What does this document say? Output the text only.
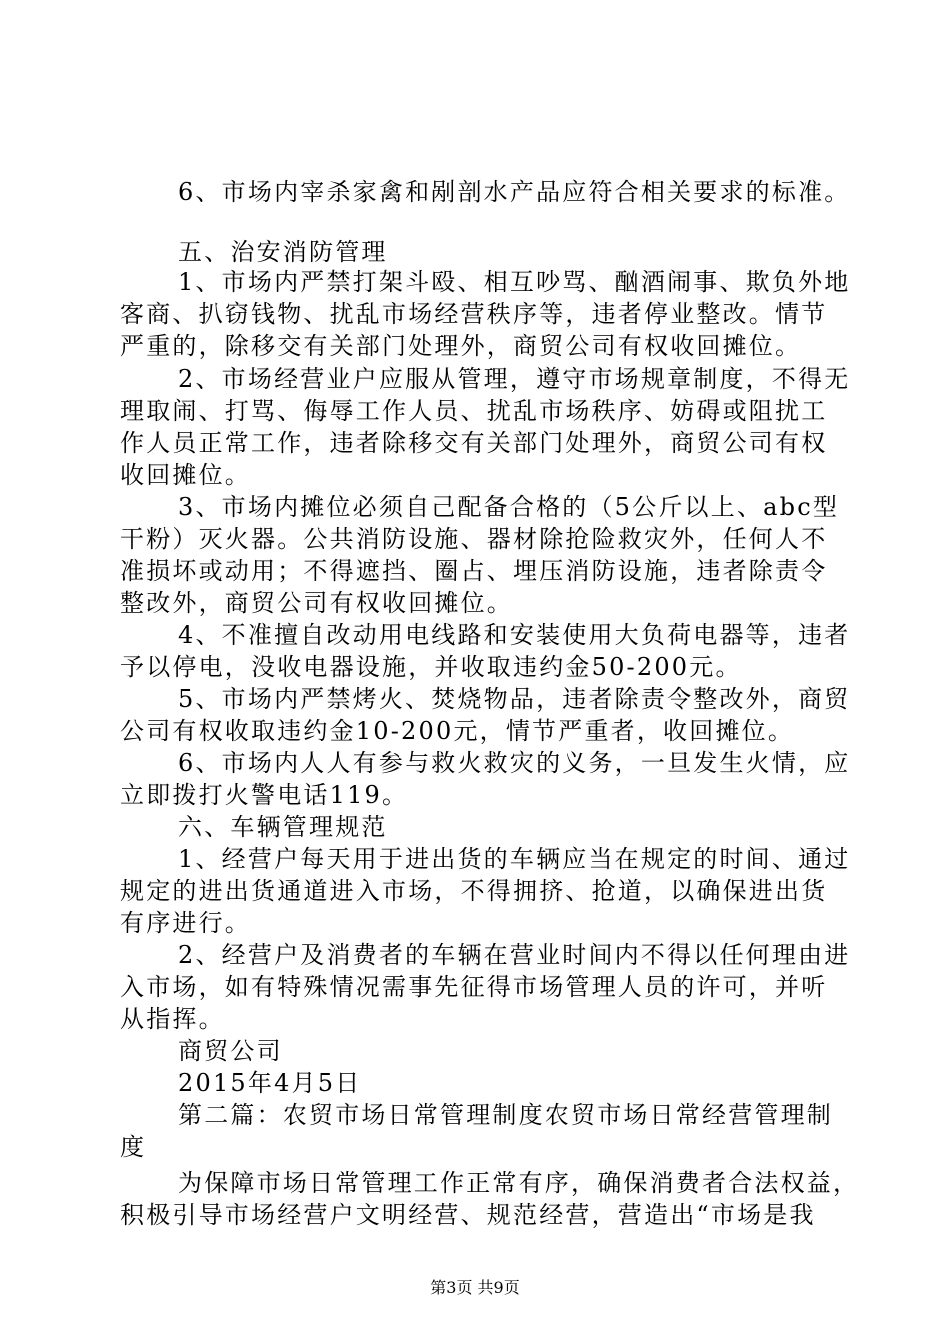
6、市场内宰杀家禽和剐剖水产品应符合相关要求的标准。
五、治安消防管理
1、市场内严禁打架斗殴、相互吵骂、酗酒闹事、欺负外地
客商、扒窃钱物、扰乱市场经营秩序等，违者停业整改。情节
严重的，除移交有关部门处理外，商贸公司有权收回摊位。
2、市场经营业户应服从管理，遵守市场规章制度，不得无
理取闹、打骂、侮辱工作人员、扰乱市场秩序、妨碍或阻扰工
作人员正常工作，违者除移交有关部门处理外，商贸公司有权
收回摊位。
3、市场内摊位必须自己配备合格的（5公斤以上、abc型
干粉）灭火器。公共消防设施、器材除抢险救灾外，任何人不
准损坏或动用；不得遮挡、圈占、埋压消防设施，违者除责令
整改外，商贸公司有权收回摊位。
4、不准擅自改动用电线路和安装使用大负荷电器等，违者
予以停电，没收电器设施，并收取违约金50-200元。
5、市场内严禁烤火、焚烧物品，违者除责令整改外，商贸
公司有权收取违约金10-200元，情节严重者，收回摊位。
6、市场内人人有参与救火救灾的义务，一旦发生火情，应
立即拨打火警电话119。
六、车辆管理规范
1、经营户每天用于进出货的车辆应当在规定的时间、通过
规定的进出货通道进入市场，不得拥挤、抢道，以确保进出货
有序进行。
2、经营户及消费者的车辆在营业时间内不得以任何理由进
入市场，如有特殊情况需事先征得市场管理人员的许可，并听
从指挥。
商贸公司
2015年4月5日
第二篇：农贸市场日常管理制度农贸市场日常经营管理制
度
为保障市场日常管理工作正常有序，确保消费者合法权益，
积极引导市场经营户文明经营、规范经营，营造出“市场是我
第3页 共9页
